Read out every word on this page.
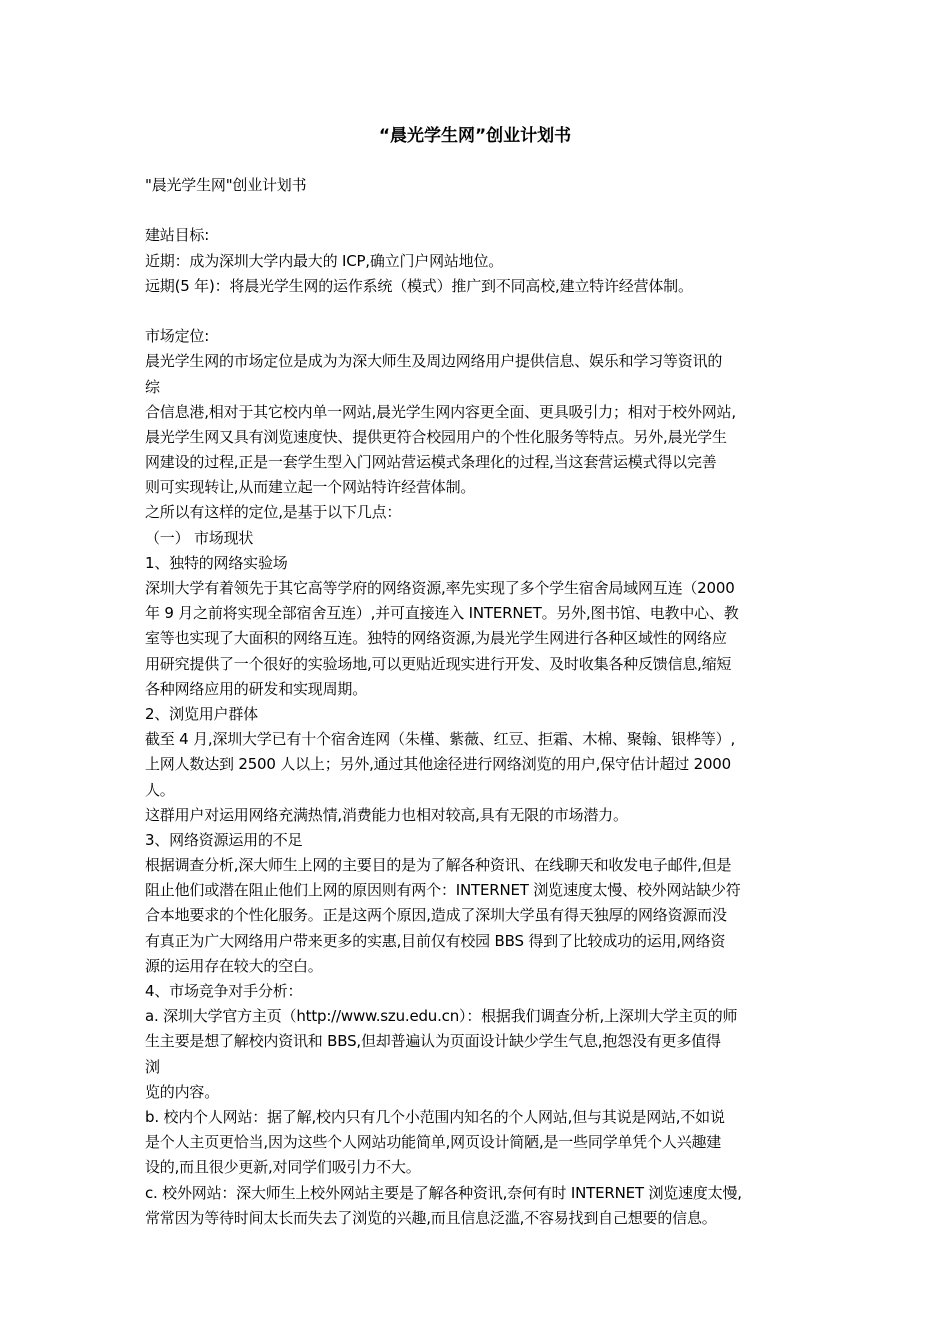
“晨光学生网”创业计划书
"晨光学生网"创业计划书
建站目标:
近期：成为深圳大学内最大的 ICP,确立门户网站地位。
远期(5 年)：将晨光学生网的运作系统（模式）推广到不同高校,建立特许经营体制。
市场定位:
晨光学生网的市场定位是成为为深大师生及周边网络用户提供信息、娱乐和学习等资讯的
综
合信息港,相对于其它校内单一网站,晨光学生网内容更全面、更具吸引力；相对于校外网站,
晨光学生网又具有浏览速度快、提供更符合校园用户的个性化服务等特点。另外,晨光学生
网建设的过程,正是一套学生型入门网站营运模式条理化的过程,当这套营运模式得以完善
则可实现转让,从而建立起一个网站特许经营体制。
之所以有这样的定位,是基于以下几点：
（一） 市场现状
1、独特的网络实验场
深圳大学有着领先于其它高等学府的网络资源,率先实现了多个学生宿舍局域网互连（2000
年 9 月之前将实现全部宿舍互连）,并可直接连入 INTERNET。另外,图书馆、电教中心、教
室等也实现了大面积的网络互连。独特的网络资源,为晨光学生网进行各种区域性的网络应
用研究提供了一个很好的实验场地,可以更贴近现实进行开发、及时收集各种反馈信息,缩短
各种网络应用的研发和实现周期。
2、浏览用户群体
截至 4 月,深圳大学已有十个宿舍连网（朱槿、紫薇、红豆、拒霜、木棉、聚翰、银桦等）,
上网人数达到 2500 人以上；另外,通过其他途径进行网络浏览的用户,保守估计超过 2000
人。
这群用户对运用网络充满热情,消费能力也相对较高,具有无限的市场潜力。
3、网络资源运用的不足
根据调查分析,深大师生上网的主要目的是为了解各种资讯、在线聊天和收发电子邮件,但是
阻止他们或潜在阻止他们上网的原因则有两个：INTERNET 浏览速度太慢、校外网站缺少符
合本地要求的个性化服务。正是这两个原因,造成了深圳大学虽有得天独厚的网络资源而没
有真正为广大网络用户带来更多的实惠,目前仅有校园 BBS 得到了比较成功的运用,网络资
源的运用存在较大的空白。
4、市场竞争对手分析：
a. 深圳大学官方主页（http://www.szu.edu.cn）：根据我们调查分析,上深圳大学主页的师
生主要是想了解校内资讯和 BBS,但却普遍认为页面设计缺少学生气息,抱怨没有更多值得
浏
览的内容。
b. 校内个人网站：据了解,校内只有几个小范围内知名的个人网站,但与其说是网站,不如说
是个人主页更恰当,因为这些个人网站功能简单,网页设计简陋,是一些同学单凭个人兴趣建
设的,而且很少更新,对同学们吸引力不大。
c. 校外网站：深大师生上校外网站主要是了解各种资讯,奈何有时 INTERNET 浏览速度太慢,
常常因为等待时间太长而失去了浏览的兴趣,而且信息泛滥,不容易找到自己想要的信息。
